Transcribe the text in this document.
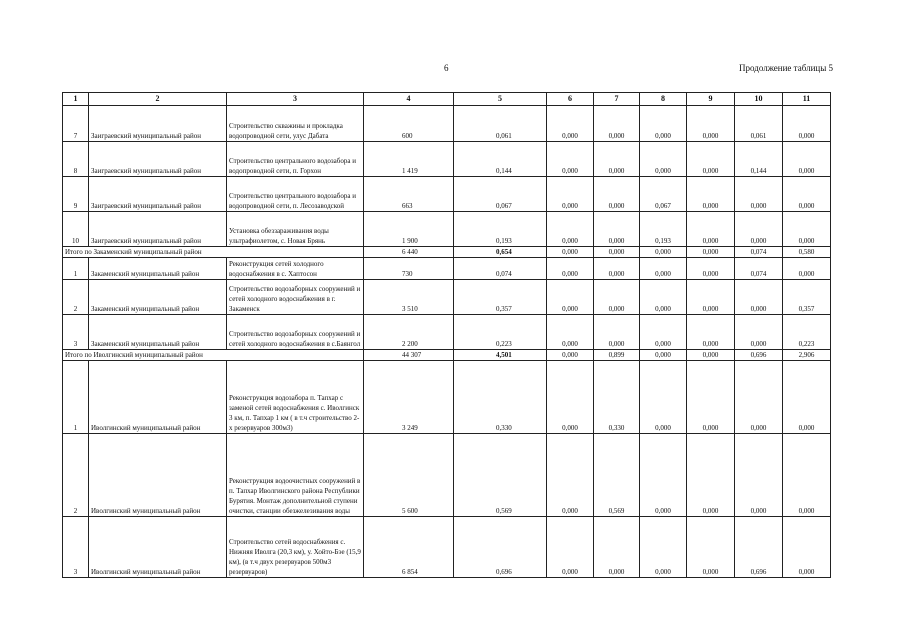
6	Продолжение таблицы 5
1	2	3	4	5	6	7	8	9	10	11
7	Заиграевский муниципальный район	Строительство скважины и прокладка водопроводной сети, улус Дабата	600	0,061	0,000	0,000	0,000	0,000	0,061	0,000
8	Заиграевский муниципальный район	Строительство центрального водозабора и водопроводной сети, п. Горхон	1 419	0,144	0,000	0,000	0,000	0,000	0,144	0,000
9	Заиграевский муниципальный район	Строительство центрального водозабора и водопроводной сети, п. Лесозаводской	663	0,067	0,000	0,000	0,067	0,000	0,000	0,000
10	Заиграевский муниципальный район	Установка обеззараживания воды ультрафиолетом, с. Новая Брянь	1 900	0,193	0,000	0,000	0,193	0,000	0,000	0,000
Итого по Закаменский муниципальный район			6 440	0,654	0,000	0,000	0,000	0,000	0,074	0,580
1	Закаменский муниципальный район	Реконструкция сетей холодного водоснабжения в с. Хаптосон	730	0,074	0,000	0,000	0,000	0,000	0,074	0,000
2	Закаменский муниципальный район	Строительство водозаборных сооружений и сетей холодного водоснабжения в г. Закаменск	3 510	0,357	0,000	0,000	0,000	0,000	0,000	0,357
3	Закаменский муниципальный район	Строительство водозаборных сооружений и сетей холодного водоснабжения в с.Баянгол	2 200	0,223	0,000	0,000	0,000	0,000	0,000	0,223
Итого по Иволгинский муниципальный район			44 307	4,501	0,000	0,899	0,000	0,000	0,696	2,906
1	Иволгинский муниципальный район	Реконструкция водозабора п. Тапхар с заменой сетей водоснабжения с. Иволгинск 3 км, п. Тапхар 1 км ( в т.ч строительство 2-х резервуаров 300м3)	3 249	0,330	0,000	0,330	0,000	0,000	0,000	0,000
2	Иволгинский муниципальный район	Реконструкция водоочистных сооружений в п. Тапхар Иволгинского района Республики Бурятия. Монтаж дополнительной ступени очистки, станции обезжелезивания воды	5 600	0,569	0,000	0,569	0,000	0,000	0,000	0,000
3	Иволгинский муниципальный район	Строительство сетей водоснабжения с. Нижняя Иволга (20,3 км), у. Хойто-Бэе (15,9 км), (в т.ч двух резервуаров 500м3 резервуаров)	6 854	0,696	0,000	0,000	0,000	0,000	0,696	0,000
